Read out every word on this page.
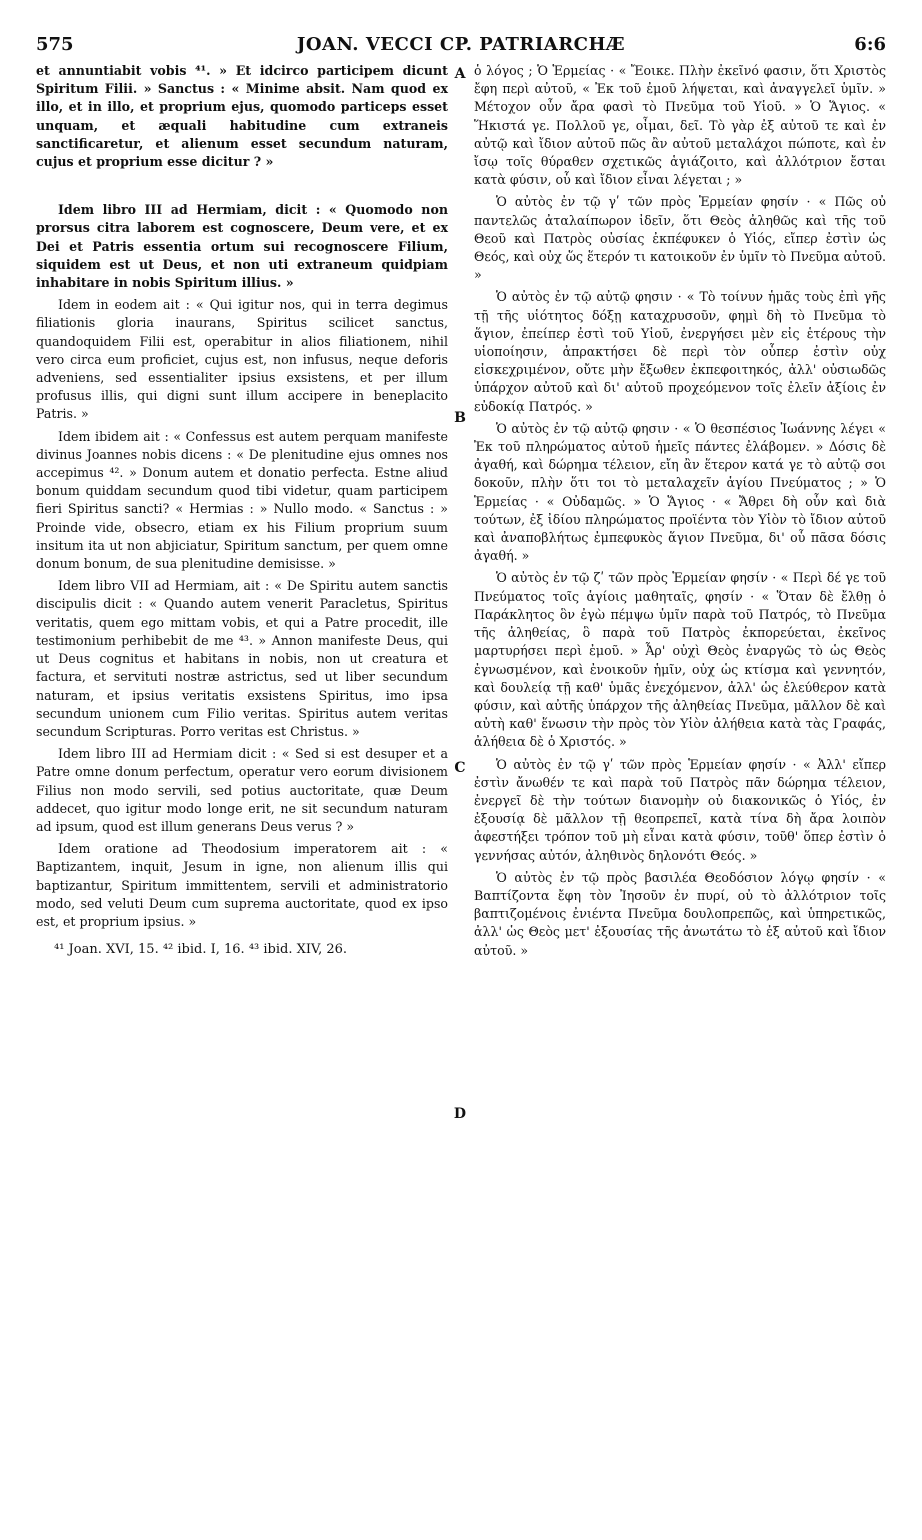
575	JOAN. VECCI CP. PATRIARCHÆ	6:6

et annuntiabit vobis ⁴¹. » Et idcirco participem dicunt Spiritum Filii. » Sanctus : « Minime absit. Nam quod ex illo, et in illo, et proprium ejus, quomodo particeps esset unquam, et æquali habitudine cum extraneis sanctificaretur, et alienum esset secundum naturam, cujus et proprium esse dicitur ? »

Idem libro III ad Hermiam, dicit : « Quomodo non prorsus citra laborem est cognoscere, Deum vere, et ex Dei et Patris essentia ortum sui recognoscere Filium, siquidem est ut Deus, et non uti extraneum quidpiam inhabitare in nobis Spiritum illius. »

Idem in eodem ait : « Qui igitur nos, qui in terra degimus filiationis gloria inaurans, Spiritus scilicet sanctus, quandoquidem Filii est, operabitur in alios filiationem, nihil vero circa eum proficiet, cujus est, non infusus, neque deforis adveniens, sed essentialiter ipsius exsistens, et per illum profusus illis, qui digni sunt illum accipere in beneplacito Patris. »

Idem ibidem ait : « Confessus est autem perquam manifeste divinus Joannes nobis dicens : « De plenitudine ejus omnes nos accepimus ⁴². » Donum autem et donatio perfecta. Estne aliud bonum quiddam secundum quod tibi videtur, quam participem fieri Spiritus sancti? « Hermias : » Nullo modo. « Sanctus : » Proinde vide, obsecro, etiam ex his Filium proprium suum insitum ita ut non abjiciatur, Spiritum sanctum, per quem omne donum bonum, de sua plenitudine demisisse. »

Idem libro VII ad Hermiam, ait : « De Spiritu autem sanctis discipulis dicit : « Quando autem venerit Paracletus, Spiritus veritatis, quem ego mittam vobis, et qui a Patre procedit, ille testimonium perhibebit de me ⁴³. » Annon manifeste Deus, qui ut Deus cognitus et habitans in nobis, non ut creatura et factura, et servituti nostræ astrictus, sed ut liber secundum naturam, et ipsius veritatis exsistens Spiritus, imo ipsa secundum unionem cum Filio veritas. Spiritus autem veritas secundum Scripturas. Porro veritas est Christus. »

Idem libro III ad Hermiam dicit : « Sed si est desuper et a Patre omne donum perfectum, operatur vero eorum divisionem Filius non modo servili, sed potius auctoritate, quæ Deum addecet, quo igitur modo longe erit, ne sit secundum naturam ad ipsum, quod est illum generans Deus verus ? »

Idem oratione ad Theodosium imperatorem ait : « Baptizantem, inquit, Jesum in igne, non alienum illis qui baptizantur, Spiritum immittentem, servili et administratorio modo, sed veluti Deum cum suprema auctoritate, quod ex ipso est, et proprium ipsius. »

⁴¹ Joan. XVI, 15. ⁴² ibid. I, 16. ⁴³ ibid. XIV, 26.

ὁ λόγος ; Ὁ Ἑρμείας · « Ἔοικε. Πλὴν ἐκεῖνό φασιν, ὅτι Χριστὸς ἔφη περὶ αὐτοῦ, « Ἐκ τοῦ ἐμοῦ λήψεται, καὶ ἀναγγελεῖ ὑμῖν. » Μέτοχον οὖν ἄρα φασὶ τὸ Πνεῦμα τοῦ Υἱοῦ. » Ὁ Ἅγιος. « Ἥκιστά γε. Πολλοῦ γε, οἶμαι, δεῖ. Τὸ γὰρ ἐξ αὐτοῦ τε καὶ ἐν αὐτῷ καὶ ἴδιον αὐτοῦ πῶς ἂν αὐτοῦ μεταλάχοι πώποτε, καὶ ἐν ἴσῳ τοῖς θύραθεν σχετικῶς ἁγιάζοιτο, καὶ ἀλλότριον ἔσται κατὰ φύσιν, οὗ καὶ ἴδιον εἶναι λέγεται ; »

Ὁ αὐτὸς ἐν τῷ γʹ τῶν πρὸς Ἑρμείαν φησίν · « Πῶς οὐ παντελῶς ἀταλαίπωρον ἰδεῖν, ὅτι Θεὸς ἀληθῶς καὶ τῆς τοῦ Θεοῦ καὶ Πατρὸς οὐσίας ἐκπέφυκεν ὁ Υἱός, εἴπερ ἐστὶν ὡς Θεός, καὶ οὐχ ὥς ἕτερόν τι κατοικοῦν ἐν ὑμῖν τὸ Πνεῦμα αὐτοῦ. »

Ὁ αὐτὸς ἐν τῷ αὐτῷ φησιν · « Τὸ τοίνυν ἡμᾶς τοὺς ἐπὶ γῆς τῇ τῆς υἱότητος δόξῃ καταχρυσοῦν, φημὶ δὴ τὸ Πνεῦμα τὸ ἅγιον, ἐπείπερ ἐστὶ τοῦ Υἱοῦ, ἐνεργήσει μὲν εἰς ἑτέρους τὴν υἱοποίησιν, ἀπρακτήσει δὲ περὶ τὸν οὗπερ ἐστὶν οὐχ εἰσκεχριμένον, οὔτε μὴν ἔξωθεν ἐκπεφοιτηκός, ἀλλ' οὐσιωδῶς ὑπάρχον αὐτοῦ καὶ δι' αὐτοῦ προχεόμενον τοῖς ἐλεῖν ἀξίοις ἐν εὐδοκίᾳ Πατρός. »

Ὁ αὐτὸς ἐν τῷ αὐτῷ φησιν · « Ὁ θεσπέσιος Ἰωάννης λέγει « Ἐκ τοῦ πληρώματος αὐτοῦ ἡμεῖς πάντες ἐλάβομεν. » Δόσις δὲ ἀγαθή, καὶ δώρημα τέλειον, εἴη ἂν ἕτερον κατά γε τὸ αὐτῷ σοι δοκοῦν, πλὴν ὅτι τοι τὸ μεταλαχεῖν ἁγίου Πνεύματος ; » Ὁ Ἑρμείας · « Οὐδαμῶς. » Ὁ Ἅγιος · « Ἄθρει δὴ οὖν καὶ διὰ τούτων, ἐξ ἰδίου πληρώματος προϊέντα τὸν Υἱὸν τὸ ἴδιον αὐτοῦ καὶ ἀναποβλήτως ἐμπεφυκὸς ἅγιον Πνεῦμα, δι' οὗ πᾶσα δόσις ἀγαθή. »

Ὁ αὐτὸς ἐν τῷ ζʹ τῶν πρὸς Ἑρμείαν φησίν · « Περὶ δέ γε τοῦ Πνεύματος τοῖς ἁγίοις μαθηταῖς, φησίν · « Ὅταν δὲ ἔλθῃ ὁ Παράκλητος ὃν ἐγὼ πέμψω ὑμῖν παρὰ τοῦ Πατρός, τὸ Πνεῦμα τῆς ἀληθείας, ὃ παρὰ τοῦ Πατρὸς ἐκπορεύεται, ἐκεῖνος μαρτυρήσει περὶ ἐμοῦ. » Ἆρ' οὐχὶ Θεὸς ἐναργῶς τὸ ὡς Θεὸς ἐγνωσμένον, καὶ ἐνοικοῦν ἡμῖν, οὐχ ὡς κτίσμα καὶ γεννητόν, καὶ δουλείᾳ τῇ καθ' ὑμᾶς ἐνεχόμενον, ἀλλ' ὡς ἐλεύθερον κατὰ φύσιν, καὶ αὐτῆς ὑπάρχον τῆς ἀληθείας Πνεῦμα, μᾶλλον δὲ καὶ αὐτὴ καθ' ἕνωσιν τὴν πρὸς τὸν Υἱὸν ἀλήθεια κατὰ τὰς Γραφάς, ἀλήθεια δὲ ὁ Χριστός. »

Ὁ αὐτὸς ἐν τῷ γʹ τῶν πρὸς Ἑρμείαν φησίν · « Ἀλλ' εἴπερ ἐστὶν ἄνωθέν τε καὶ παρὰ τοῦ Πατρὸς πᾶν δώρημα τέλειον, ἐνεργεῖ δὲ τὴν τούτων διανομὴν οὐ διακονικῶς ὁ Υἱός, ἐν ἐξουσίᾳ δὲ μᾶλλον τῇ θεοπρεπεῖ, κατὰ τίνα δὴ ἄρα λοιπὸν ἀφεστήξει τρόπον τοῦ μὴ εἶναι κατὰ φύσιν, τοῦθ' ὅπερ ἐστὶν ὁ γεννήσας αὐτόν, ἀληθινὸς δηλονότι Θεός. »

Ὁ αὐτὸς ἐν τῷ πρὸς βασιλέα Θεοδόσιον λόγῳ φησίν · « Βαπτίζοντα ἔφη τὸν Ἰησοῦν ἐν πυρί, οὐ τὸ ἀλλότριον τοῖς βαπτιζομένοις ἐνιέντα Πνεῦμα δουλοπρεπῶς, καὶ ὑπηρετικῶς, ἀλλ' ὡς Θεὸς μετ' ἐξουσίας τῆς ἀνωτάτω τὸ ἐξ αὐτοῦ καὶ ἴδιον αὐτοῦ. »

A
B
C
D
